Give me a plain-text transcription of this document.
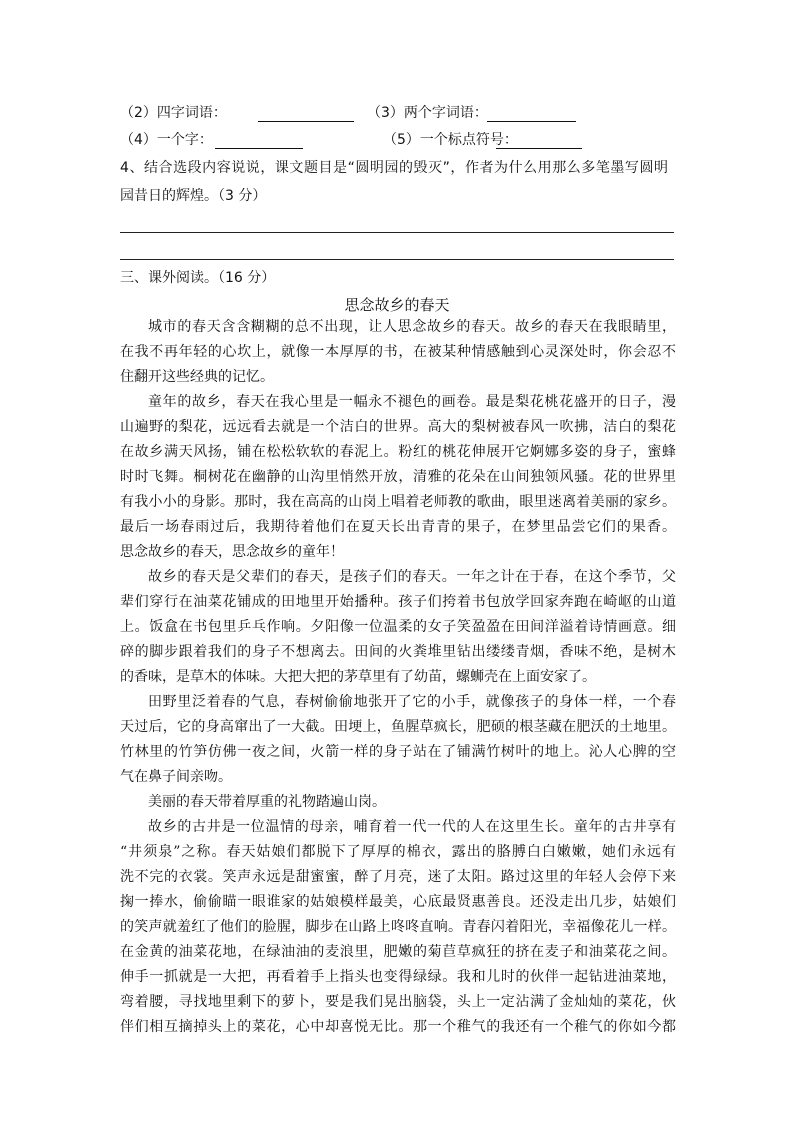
（2）四字词语：	（3）两个字词语：
（4）一个字：	（5）一个标点符号：
4、结合选段内容说说，课文题目是“圆明园的毁灭”，作者为什么用那么多笔墨写圆明
园昔日的辉煌。（3 分）
三、课外阅读。（16 分）
思念故乡的春天
城市的春天含含糊糊的总不出现，让人思念故乡的春天。故乡的春天在我眼睛里，
在我不再年轻的心坎上，就像一本厚厚的书，在被某种情感触到心灵深处时，你会忍不
住翻开这些经典的记忆。
童年的故乡，春天在我心里是一幅永不褪色的画卷。最是梨花桃花盛开的日子，漫
山遍野的梨花，远远看去就是一个洁白的世界。高大的梨树被春风一吹拂，洁白的梨花
在故乡满天风扬，铺在松松软软的春泥上。粉红的桃花伸展开它婀娜多姿的身子，蜜蜂
时时飞舞。桐树花在幽静的山沟里悄然开放，清雅的花朵在山间独领风骚。花的世界里
有我小小的身影。那时，我在高高的山岗上唱着老师教的歌曲，眼里迷离着美丽的家乡。
最后一场春雨过后，我期待着他们在夏天长出青青的果子，在梦里品尝它们的果香。
思念故乡的春天，思念故乡的童年！
故乡的春天是父辈们的春天，是孩子们的春天。一年之计在于春，在这个季节，父
辈们穿行在油菜花铺成的田地里开始播种。孩子们挎着书包放学回家奔跑在崎岖的山道
上。饭盒在书包里乒乓作响。夕阳像一位温柔的女子笑盈盈在田间洋溢着诗情画意。细
碎的脚步跟着我们的身子不想离去。田间的火粪堆里钻出缕缕青烟，香味不绝，是树木
的香味，是草木的体味。大把大把的茅草里有了幼苗，螺蛳壳在上面安家了。
田野里泛着春的气息，春树偷偷地张开了它的小手，就像孩子的身体一样，一个春
天过后，它的身高窜出了一大截。田埂上，鱼腥草疯长，肥硕的根茎藏在肥沃的土地里。
竹林里的竹笋仿佛一夜之间，火箭一样的身子站在了铺满竹树叶的地上。沁人心脾的空
气在鼻子间亲吻。
美丽的春天带着厚重的礼物踏遍山岗。
故乡的古井是一位温情的母亲，哺育着一代一代的人在这里生长。童年的古井享有
“井须泉”之称。春天姑娘们都脱下了厚厚的棉衣，露出的胳膊白白嫩嫩，她们永远有
洗不完的衣裳。笑声永远是甜蜜蜜，醉了月亮，迷了太阳。路过这里的年轻人会停下来
掬一捧水，偷偷瞄一眼谁家的姑娘模样最美，心底最贤惠善良。还没走出几步，姑娘们
的笑声就羞红了他们的脸腥，脚步在山路上咚咚直响。青春闪着阳光，幸福像花儿一样。
在金黄的油菜花地，在绿油油的麦浪里，肥嫩的菊苣草疯狂的挤在麦子和油菜花之间。
伸手一抓就是一大把，再看着手上指头也变得绿绿。我和儿时的伙伴一起钻进油菜地，
弯着腰，寻找地里剩下的萝卜，要是我们晃出脑袋，头上一定沾满了金灿灿的菜花，伙
伴们相互摘掉头上的菜花，心中却喜悦无比。那一个稚气的我还有一个稚气的你如今都
